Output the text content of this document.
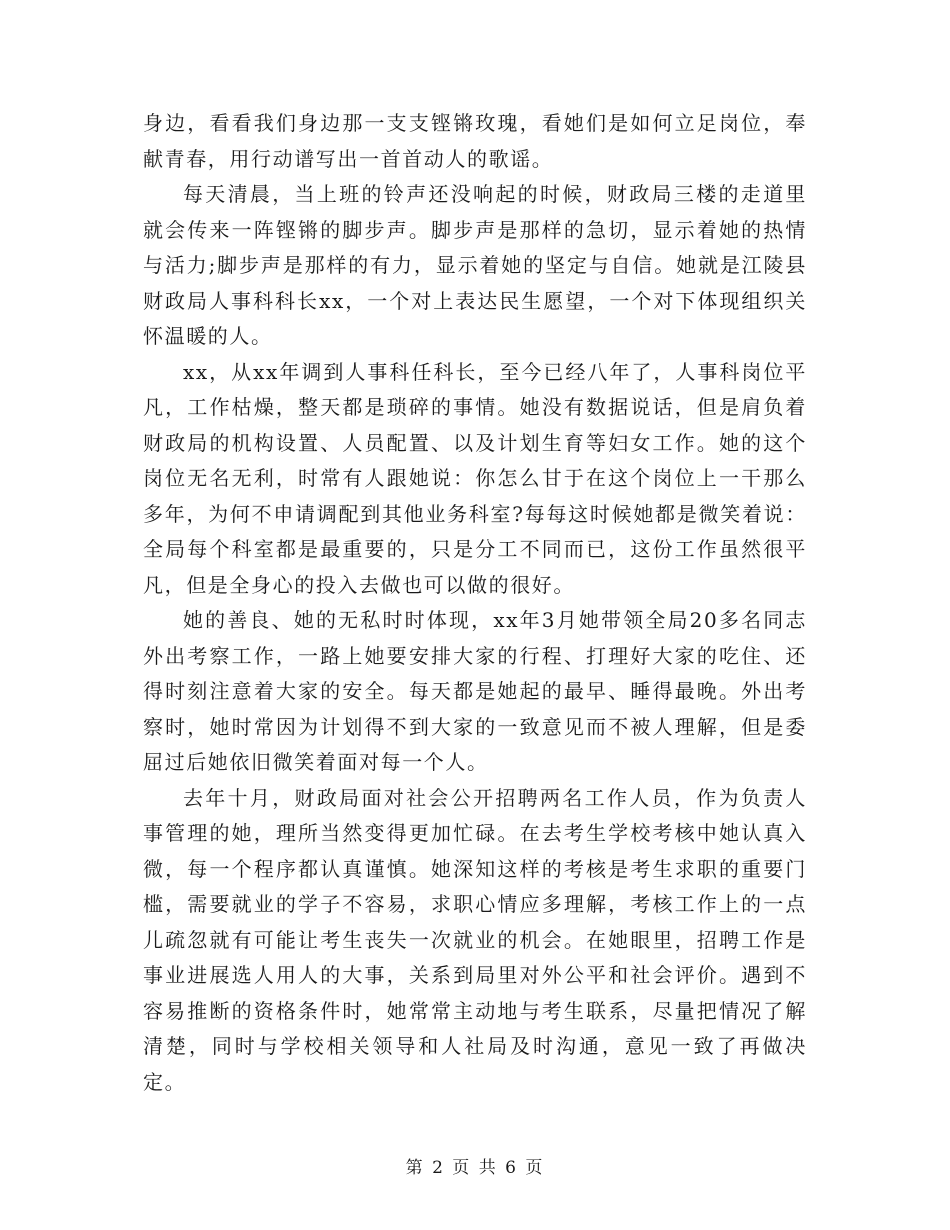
身边，看看我们身边那一支支铿锵玫瑰，看她们是如何立足岗位，奉献青春，用行动谱写出一首首动人的歌谣。

每天清晨，当上班的铃声还没响起的时候，财政局三楼的走道里就会传来一阵铿锵的脚步声。脚步声是那样的急切，显示着她的热情与活力;脚步声是那样的有力，显示着她的坚定与自信。她就是江陵县财政局人事科科长xx，一个对上表达民生愿望，一个对下体现组织关怀温暖的人。

xx，从xx年调到人事科任科长，至今已经八年了，人事科岗位平凡，工作枯燥，整天都是琐碎的事情。她没有数据说话，但是肩负着财政局的机构设置、人员配置、以及计划生育等妇女工作。她的这个岗位无名无利，时常有人跟她说：你怎么甘于在这个岗位上一干那么多年，为何不申请调配到其他业务科室?每每这时候她都是微笑着说：全局每个科室都是最重要的，只是分工不同而已，这份工作虽然很平凡，但是全身心的投入去做也可以做的很好。

她的善良、她的无私时时体现，xx年3月她带领全局20多名同志外出考察工作，一路上她要安排大家的行程、打理好大家的吃住、还得时刻注意着大家的安全。每天都是她起的最早、睡得最晚。外出考察时，她时常因为计划得不到大家的一致意见而不被人理解，但是委屈过后她依旧微笑着面对每一个人。

去年十月，财政局面对社会公开招聘两名工作人员，作为负责人事管理的她，理所当然变得更加忙碌。在去考生学校考核中她认真入微，每一个程序都认真谨慎。她深知这样的考核是考生求职的重要门槛，需要就业的学子不容易，求职心情应多理解，考核工作上的一点儿疏忽就有可能让考生丧失一次就业的机会。在她眼里，招聘工作是事业进展选人用人的大事，关系到局里对外公平和社会评价。遇到不容易推断的资格条件时，她常常主动地与考生联系，尽量把情况了解清楚，同时与学校相关领导和人社局及时沟通，意见一致了再做决定。

第 2 页 共 6 页
